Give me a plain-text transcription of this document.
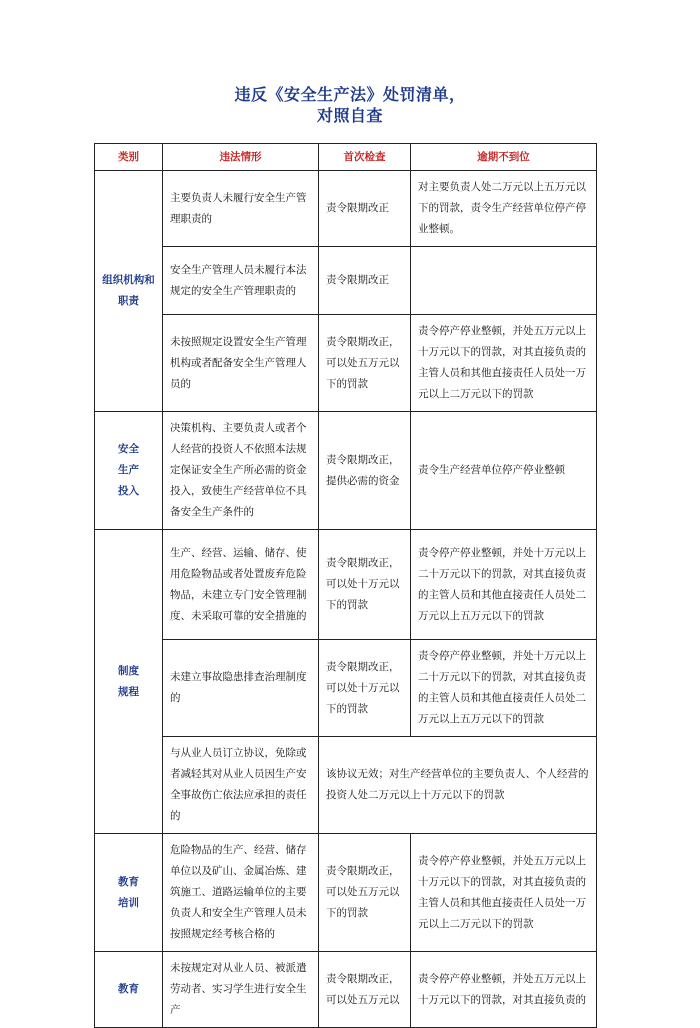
违反《安全生产法》处罚清单，
对照自查
类别	违法情形	首次检查	逾期不到位

组织机构和
职责	主要负责人未履行安全生产管理职责的	责令限期改正	对主要负责人处二万元以上五万元以下的罚款，责令生产经营单位停产停业整顿。
	安全生产管理人员未履行本法规定的安全生产管理职责的	责令限期改正	
	未按照规定设置安全生产管理机构或者配备安全生产管理人员的	责令限期改正，可以处五万元以下的罚款	责令停产停业整顿，并处五万元以上十万元以下的罚款，对其直接负责的主管人员和其他直接责任人员处一万元以上二万元以下的罚款

安全
生产
投入	决策机构、主要负责人或者个人经营的投资人不依照本法规定保证安全生产所必需的资金投入，致使生产经营单位不具备安全生产条件的	责令限期改正，提供必需的资金	责令生产经营单位停产停业整顿

制度
规程	生产、经营、运输、储存、使用危险物品或者处置废弃危险物品，未建立专门安全管理制度、未采取可靠的安全措施的	责令限期改正，可以处十万元以下的罚款	责令停产停业整顿，并处十万元以上二十万元以下的罚款，对其直接负责的主管人员和其他直接责任人员处二万元以上五万元以下的罚款
	未建立事故隐患排查治理制度的	责令限期改正，可以处十万元以下的罚款	责令停产停业整顿，并处十万元以上二十万元以下的罚款，对其直接负责的主管人员和其他直接责任人员处二万元以上五万元以下的罚款
	与从业人员订立协议，免除或者减轻其对从业人员因生产安全事故伤亡依法应承担的责任的	该协议无效；对生产经营单位的主要负责人、个人经营的投资人处二万元以上十万元以下的罚款	

教育
培训	危险物品的生产、经营、储存单位以及矿山、金属冶炼、建筑施工、道路运输单位的主要负责人和安全生产管理人员未按照规定经考核合格的	责令限期改正，可以处五万元以下的罚款	责令停产停业整顿，并处五万元以上十万元以下的罚款，对其直接负责的主管人员和其他直接责任人员处一万元以上二万元以下的罚款

教育	未按规定对从业人员、被派遣劳动者、实习学生进行安全生产	责令限期改正，可以处五万元以	责令停产停业整顿，并处五万元以上十万元以下的罚款，对其直接负责的
